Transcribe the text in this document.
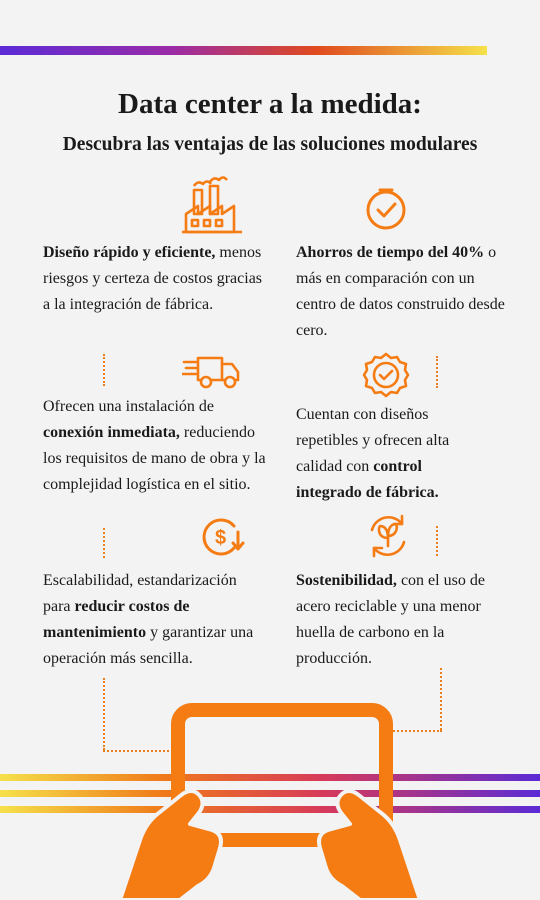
Data center a la medida:
Descubra las ventajas de las soluciones modulares
$
Diseño rápido y eficiente, menos riesgos y certeza de costos gracias a la integración de fábrica.
Ahorros de tiempo del 40% o más en comparación con un centro de datos construido desde cero.
Ofrecen una instalación de conexión inmediata, reduciendo los requisitos de mano de obra y la complejidad logística en el sitio.
Cuentan con diseños repetibles y ofrecen alta calidad con control integrado de fábrica.
Escalabilidad, estandarización para reducir costos de mantenimiento y garantizar una operación más sencilla.
Sostenibilidad, con el uso de acero reciclable y una menor huella de carbono en la producción.
